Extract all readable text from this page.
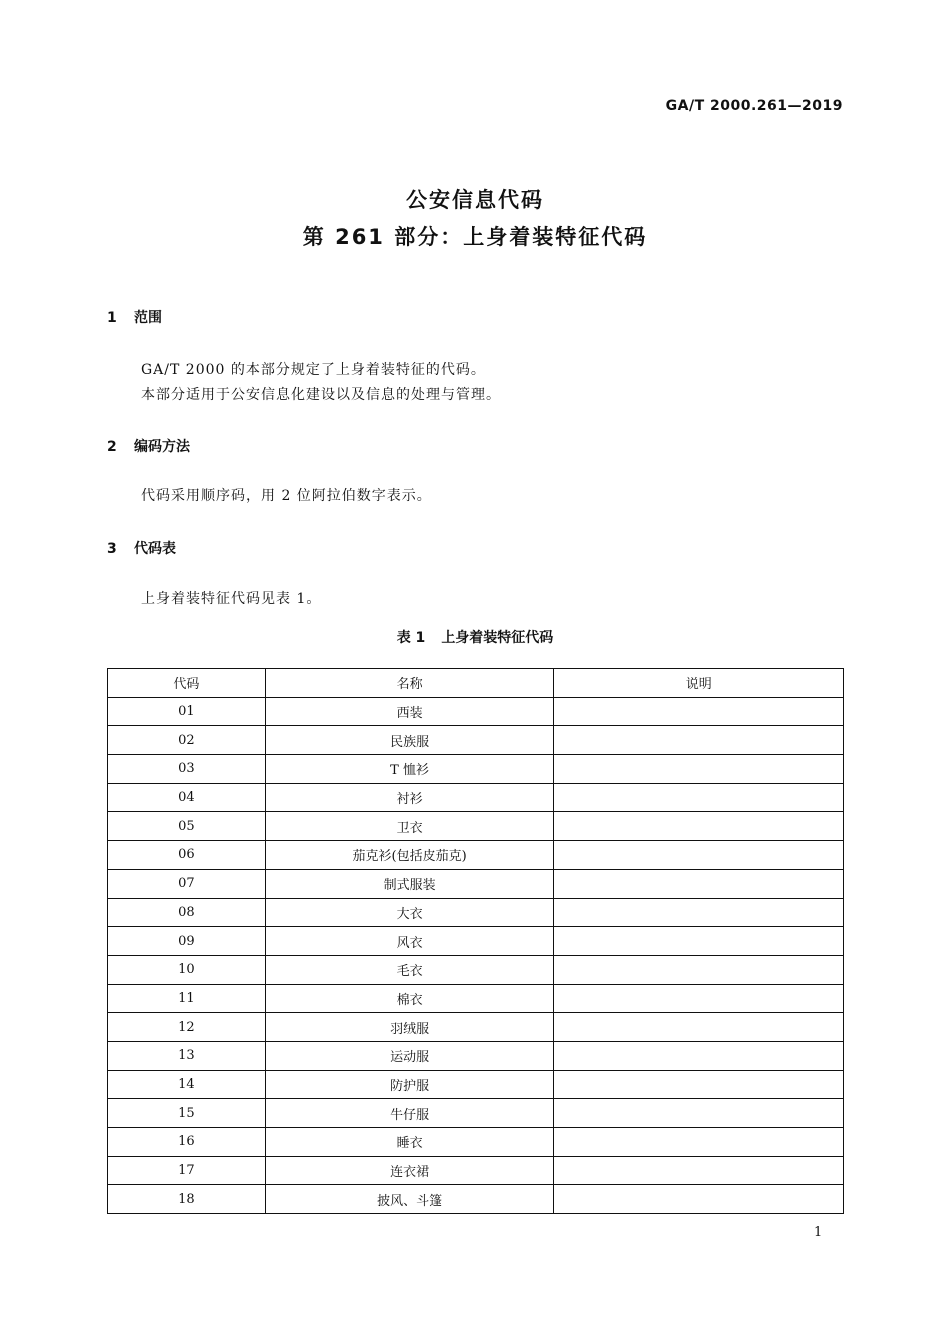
GA/T 2000.261—2019
公安信息代码
第 261 部分：上身着装特征代码
1 范围
GA/T 2000 的本部分规定了上身着装特征的代码。
本部分适用于公安信息化建设以及信息的处理与管理。
2 编码方法
代码采用顺序码，用 2 位阿拉伯数字表示。
3 代码表
上身着装特征代码见表 1。
表 1 上身着装特征代码
代码	名称	说明
01	西装	
02	民族服	
03	T 恤衫	
04	衬衫	
05	卫衣	
06	茄克衫(包括皮茄克)	
07	制式服装	
08	大衣	
09	风衣	
10	毛衣	
11	棉衣	
12	羽绒服	
13	运动服	
14	防护服	
15	牛仔服	
16	睡衣	
17	连衣裙	
18	披风、斗篷	
1
